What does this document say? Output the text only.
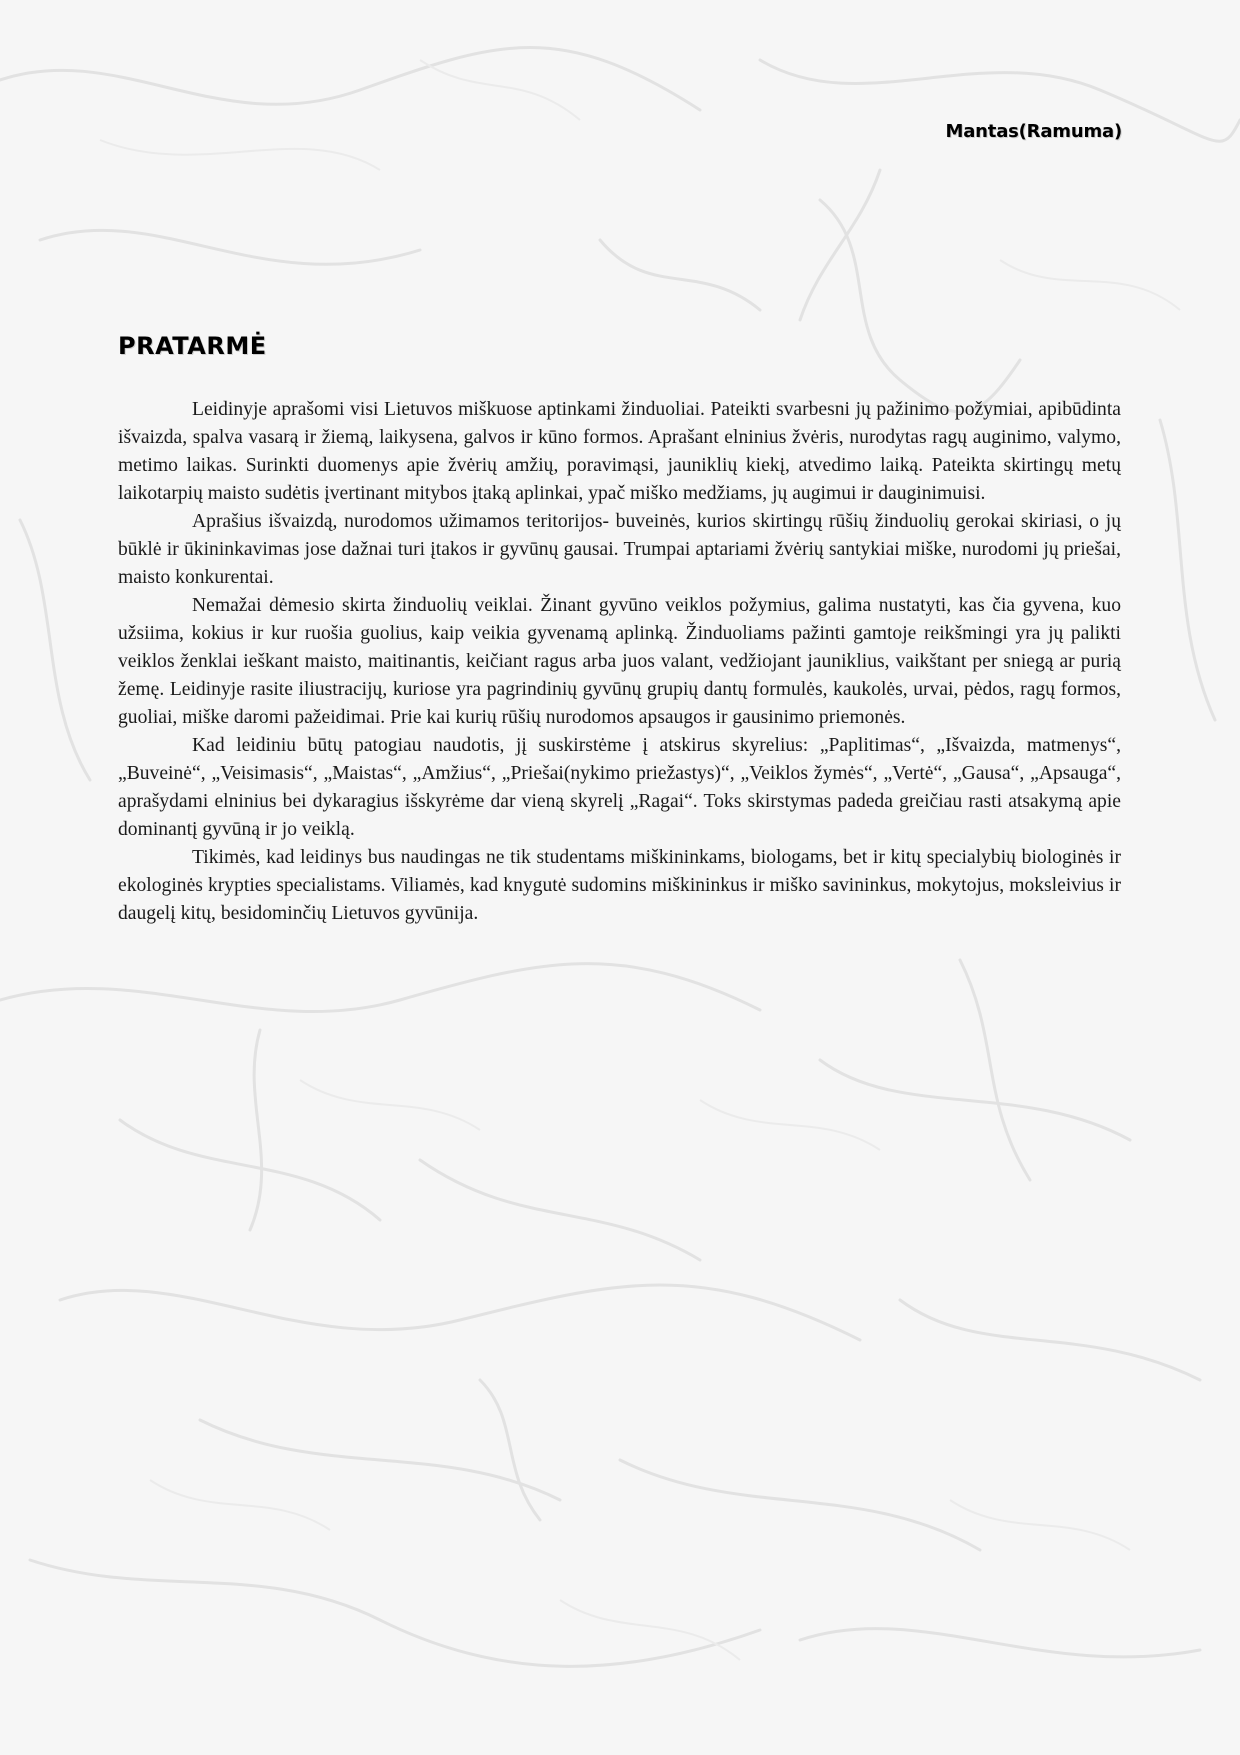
Mantas(Ramuma)
PRATARMĖ

Leidinyje aprašomi visi Lietuvos miškuose aptinkami žinduoliai. Pateikti svarbesni jų pažinimo požymiai, apibūdinta išvaizda, spalva vasarą ir žiemą, laikysena, galvos ir kūno formos. Aprašant elninius žvėris, nurodytas ragų auginimo, valymo, metimo laikas. Surinkti duomenys apie žvėrių amžių, poravimąsi, jauniklių kiekį, atvedimo laiką. Pateikta skirtingų metų laikotarpių maisto sudėtis įvertinant mitybos įtaką aplinkai, ypač miško medžiams, jų augimui ir dauginimuisi.

Aprašius išvaizdą, nurodomos užimamos teritorijos- buveinės, kurios skirtingų rūšių žinduolių gerokai skiriasi, o jų būklė ir ūkininkavimas jose dažnai turi įtakos ir gyvūnų gausai. Trumpai aptariami žvėrių santykiai miške, nurodomi jų priešai, maisto konkurentai.

Nemažai dėmesio skirta žinduolių veiklai. Žinant gyvūno veiklos požymius, galima nustatyti, kas čia gyvena, kuo užsiima, kokius ir kur ruošia guolius, kaip veikia gyvenamą aplinką. Žinduoliams pažinti gamtoje reikšmingi yra jų palikti veiklos ženklai ieškant maisto, maitinantis, keičiant ragus arba juos valant, vedžiojant jauniklius, vaikštant per sniegą ar purią žemę. Leidinyje rasite iliustracijų, kuriose yra pagrindinių gyvūnų grupių dantų formulės, kaukolės, urvai, pėdos, ragų formos, guoliai, miške daromi pažeidimai. Prie kai kurių rūšių nurodomos apsaugos ir gausinimo priemonės.

Kad leidiniu būtų patogiau naudotis, jį suskirstėme į atskirus skyrelius: „Paplitimas“, „Išvaizda, matmenys“, „Buveinė“, „Veisimasis“, „Maistas“, „Amžius“, „Priešai(nykimo priežastys)“, „Veiklos žymės“, „Vertė“, „Gausa“, „Apsauga“, aprašydami elninius bei dykaragius išskyrėme dar vieną skyrelį „Ragai“. Toks skirstymas padeda greičiau rasti atsakymą apie dominantį gyvūną ir jo veiklą.

Tikimės, kad leidinys bus naudingas ne tik studentams miškininkams, biologams, bet ir kitų specialybių biologinės ir ekologinės krypties specialistams. Viliamės, kad knygutė sudomins miškininkus ir miško savininkus, mokytojus, moksleivius ir daugelį kitų, besidominčių Lietuvos gyvūnija.
